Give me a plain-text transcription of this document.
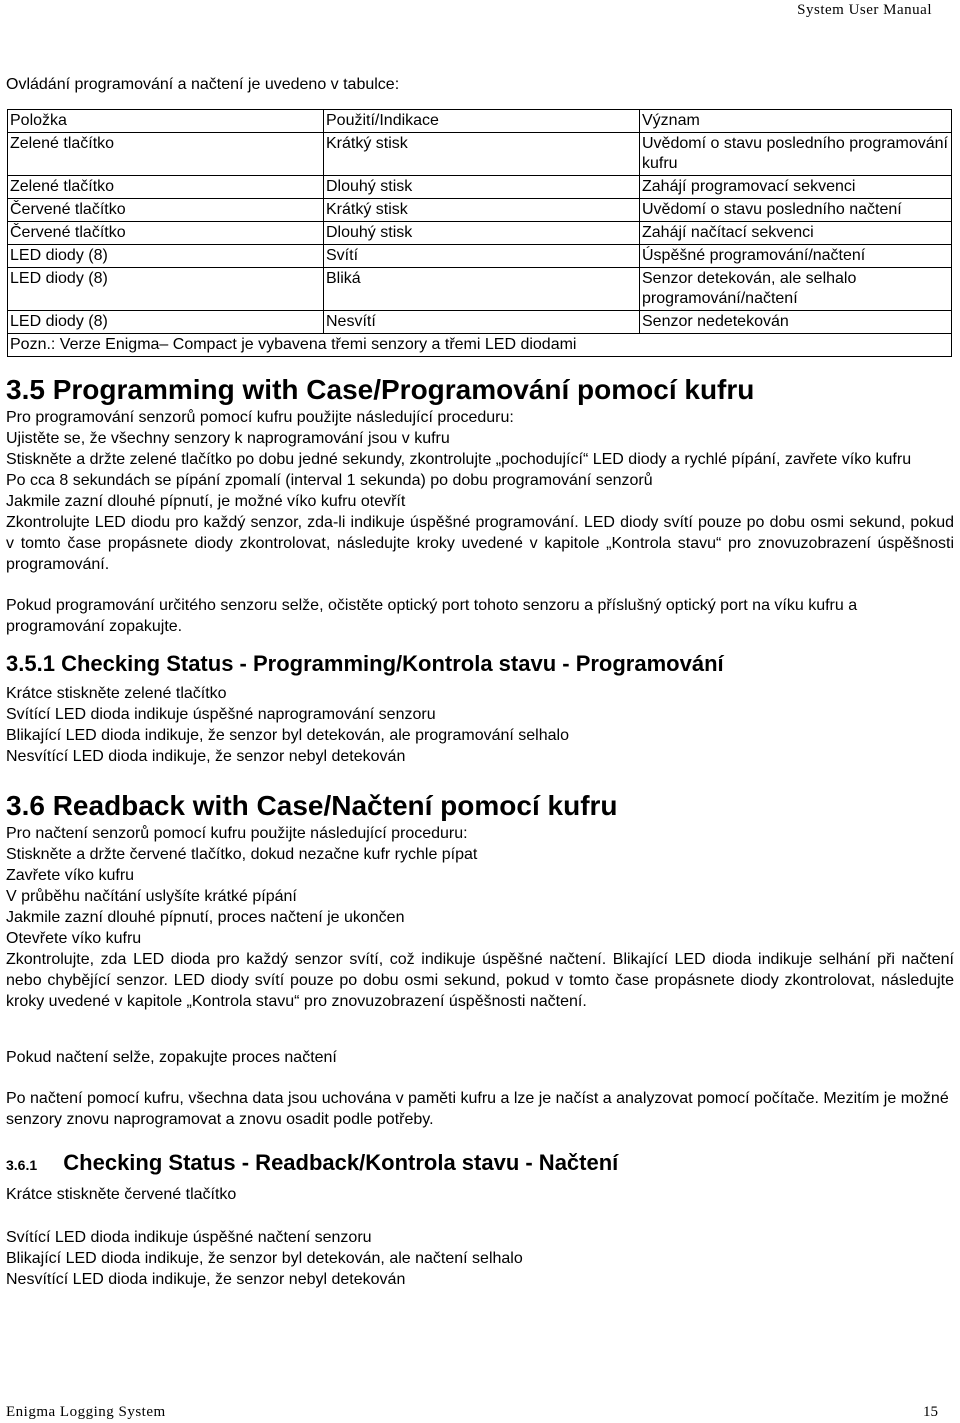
System User Manual

Ovládání programování a načtení je uvedeno v tabulce:

Položka	Použití/Indikace	Význam
Zelené tlačítko	Krátký stisk	Uvědomí o stavu posledního programování kufru
Zelené tlačítko	Dlouhý stisk	Zahájí programovací sekvenci
Červené tlačítko	Krátký stisk	Uvědomí o stavu posledního načtení
Červené tlačítko	Dlouhý stisk	Zahájí načítací sekvenci
LED diody (8)	Svítí	Úspěšné programování/načtení
LED diody (8)	Bliká	Senzor detekován, ale selhalo programování/načtení
LED diody (8)	Nesvítí	Senzor nedetekován
Pozn.: Verze Enigma– Compact je vybavena třemi senzory a třemi LED diodami		
3.5 Programming with Case/Programování pomocí kufru

Pro programování senzorů pomocí kufru použijte následující proceduru:

Ujistěte se, že všechny senzory k naprogramování jsou v kufru

Stiskněte a držte zelené tlačítko po dobu jedné sekundy, zkontrolujte „pochodující“ LED diody a rychlé pípání, zavřete víko kufru

Po cca 8 sekundách se pípání zpomalí (interval 1 sekunda) po dobu programování senzorů

Jakmile zazní dlouhé pípnutí, je možné víko kufru otevřít

Zkontrolujte LED diodu pro každý senzor, zda-li indikuje úspěšné programování. LED diody svítí pouze po dobu osmi sekund, pokud v tomto čase propásnete diody zkontrolovat, následujte kroky uvedené v kapitole „Kontrola stavu“ pro znovuzobrazení úspěšnosti programování.

Pokud programování určitého senzoru selže, očistěte optický port tohoto senzoru a příslušný optický port na víku kufru a programování zopakujte.

3.5.1 Checking Status - Programming/Kontrola stavu - Programování

Krátce stiskněte zelené tlačítko

Svítící LED dioda indikuje úspěšné naprogramování senzoru

Blikající LED dioda indikuje, že senzor byl detekován, ale programování selhalo

Nesvítící LED dioda indikuje, že senzor nebyl detekován

3.6 Readback with Case/Načtení pomocí kufru

Pro načtení senzorů pomocí kufru použijte následující proceduru:

Stiskněte a držte červené tlačítko, dokud nezačne kufr rychle pípat

Zavřete víko kufru

V průběhu načítání uslyšíte krátké pípání

Jakmile zazní dlouhé pípnutí, proces načtení je ukončen

Otevřete víko kufru

Zkontrolujte, zda LED dioda pro každý senzor svítí, což indikuje úspěšné načtení. Blikající LED dioda indikuje selhání při načtení nebo chybějící senzor. LED diody svítí pouze po dobu osmi sekund, pokud v tomto čase propásnete diody zkontrolovat, následujte kroky uvedené v kapitole „Kontrola stavu“ pro znovuzobrazení úspěšnosti načtení.

Pokud načtení selže, zopakujte proces načtení

Po načtení pomocí kufru, všechna data jsou uchována v paměti kufru a lze je načíst a analyzovat pomocí počítače. Mezitím je možné senzory znovu naprogramovat a znovu osadit podle potřeby.

3.6.1 Checking Status - Readback/Kontrola stavu - Načtení

Krátce stiskněte červené tlačítko

Svítící LED dioda indikuje úspěšné načtení senzoru

Blikající LED dioda indikuje, že senzor byl detekován, ale načtení selhalo

Nesvítící LED dioda indikuje, že senzor nebyl detekován

Enigma Logging System	15
